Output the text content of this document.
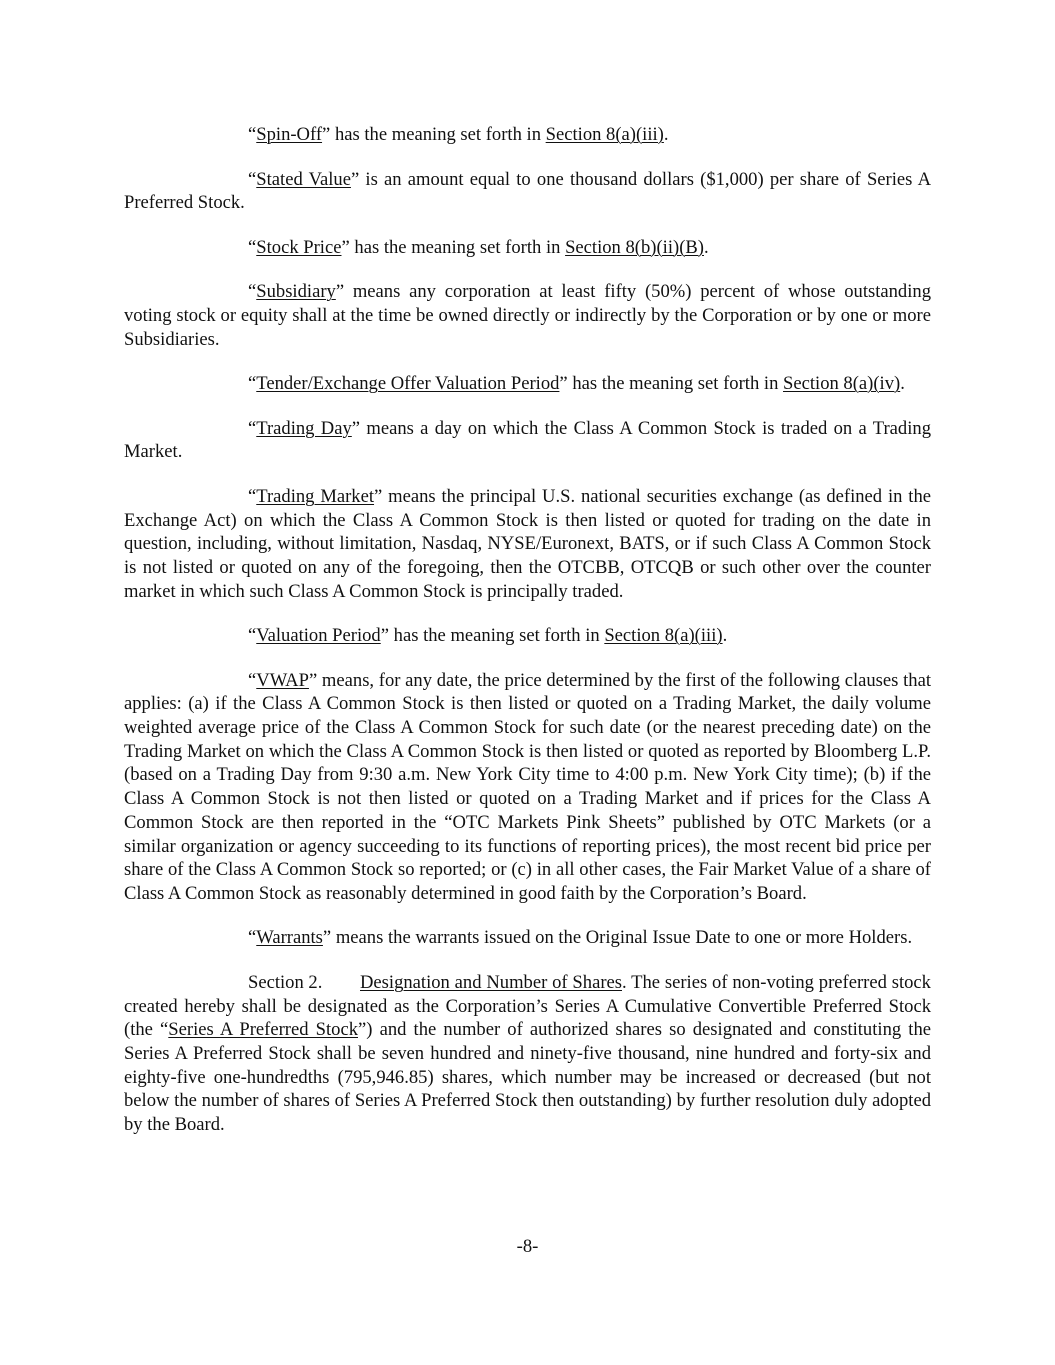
“Spin-Off” has the meaning set forth in Section 8(a)(iii).

“Stated Value” is an amount equal to one thousand dollars ($1,000) per share of Series A Preferred Stock.

“Stock Price” has the meaning set forth in Section 8(b)(ii)(B).

“Subsidiary” means any corporation at least fifty (50%) percent of whose outstanding voting stock or equity shall at the time be owned directly or indirectly by the Corporation or by one or more Subsidiaries.

“Tender/Exchange Offer Valuation Period” has the meaning set forth in Section 8(a)(iv).

“Trading Day” means a day on which the Class A Common Stock is traded on a Trading Market.

“Trading Market” means the principal U.S. national securities exchange (as defined in the Exchange Act) on which the Class A Common Stock is then listed or quoted for trading on the date in question, including, without limitation, Nasdaq, NYSE/Euronext, BATS, or if such Class A Common Stock is not listed or quoted on any of the foregoing, then the OTCBB, OTCQB or such other over the counter market in which such Class A Common Stock is principally traded.

“Valuation Period” has the meaning set forth in Section 8(a)(iii).

“VWAP” means, for any date, the price determined by the first of the following clauses that applies: (a) if the Class A Common Stock is then listed or quoted on a Trading Market, the daily volume weighted average price of the Class A Common Stock for such date (or the nearest preceding date) on the Trading Market on which the Class A Common Stock is then listed or quoted as reported by Bloomberg L.P. (based on a Trading Day from 9:30 a.m. New York City time to 4:00 p.m. New York City time); (b) if the Class A Common Stock is not then listed or quoted on a Trading Market and if prices for the Class A Common Stock are then reported in the “OTC Markets Pink Sheets” published by OTC Markets (or a similar organization or agency succeeding to its functions of reporting prices), the most recent bid price per share of the Class A Common Stock so reported; or (c) in all other cases, the Fair Market Value of a share of Class A Common Stock as reasonably determined in good faith by the Corporation’s Board.

“Warrants” means the warrants issued on the Original Issue Date to one or more Holders.

Section 2. Designation and Number of Shares. The series of non-voting preferred stock created hereby shall be designated as the Corporation’s Series A Cumulative Convertible Preferred Stock (the “Series A Preferred Stock”) and the number of authorized shares so designated and constituting the Series A Preferred Stock shall be seven hundred and ninety-five thousand, nine hundred and forty-six and eighty-five one-hundredths (795,946.85) shares, which number may be increased or decreased (but not below the number of shares of Series A Preferred Stock then outstanding) by further resolution duly adopted by the Board.

-8-
